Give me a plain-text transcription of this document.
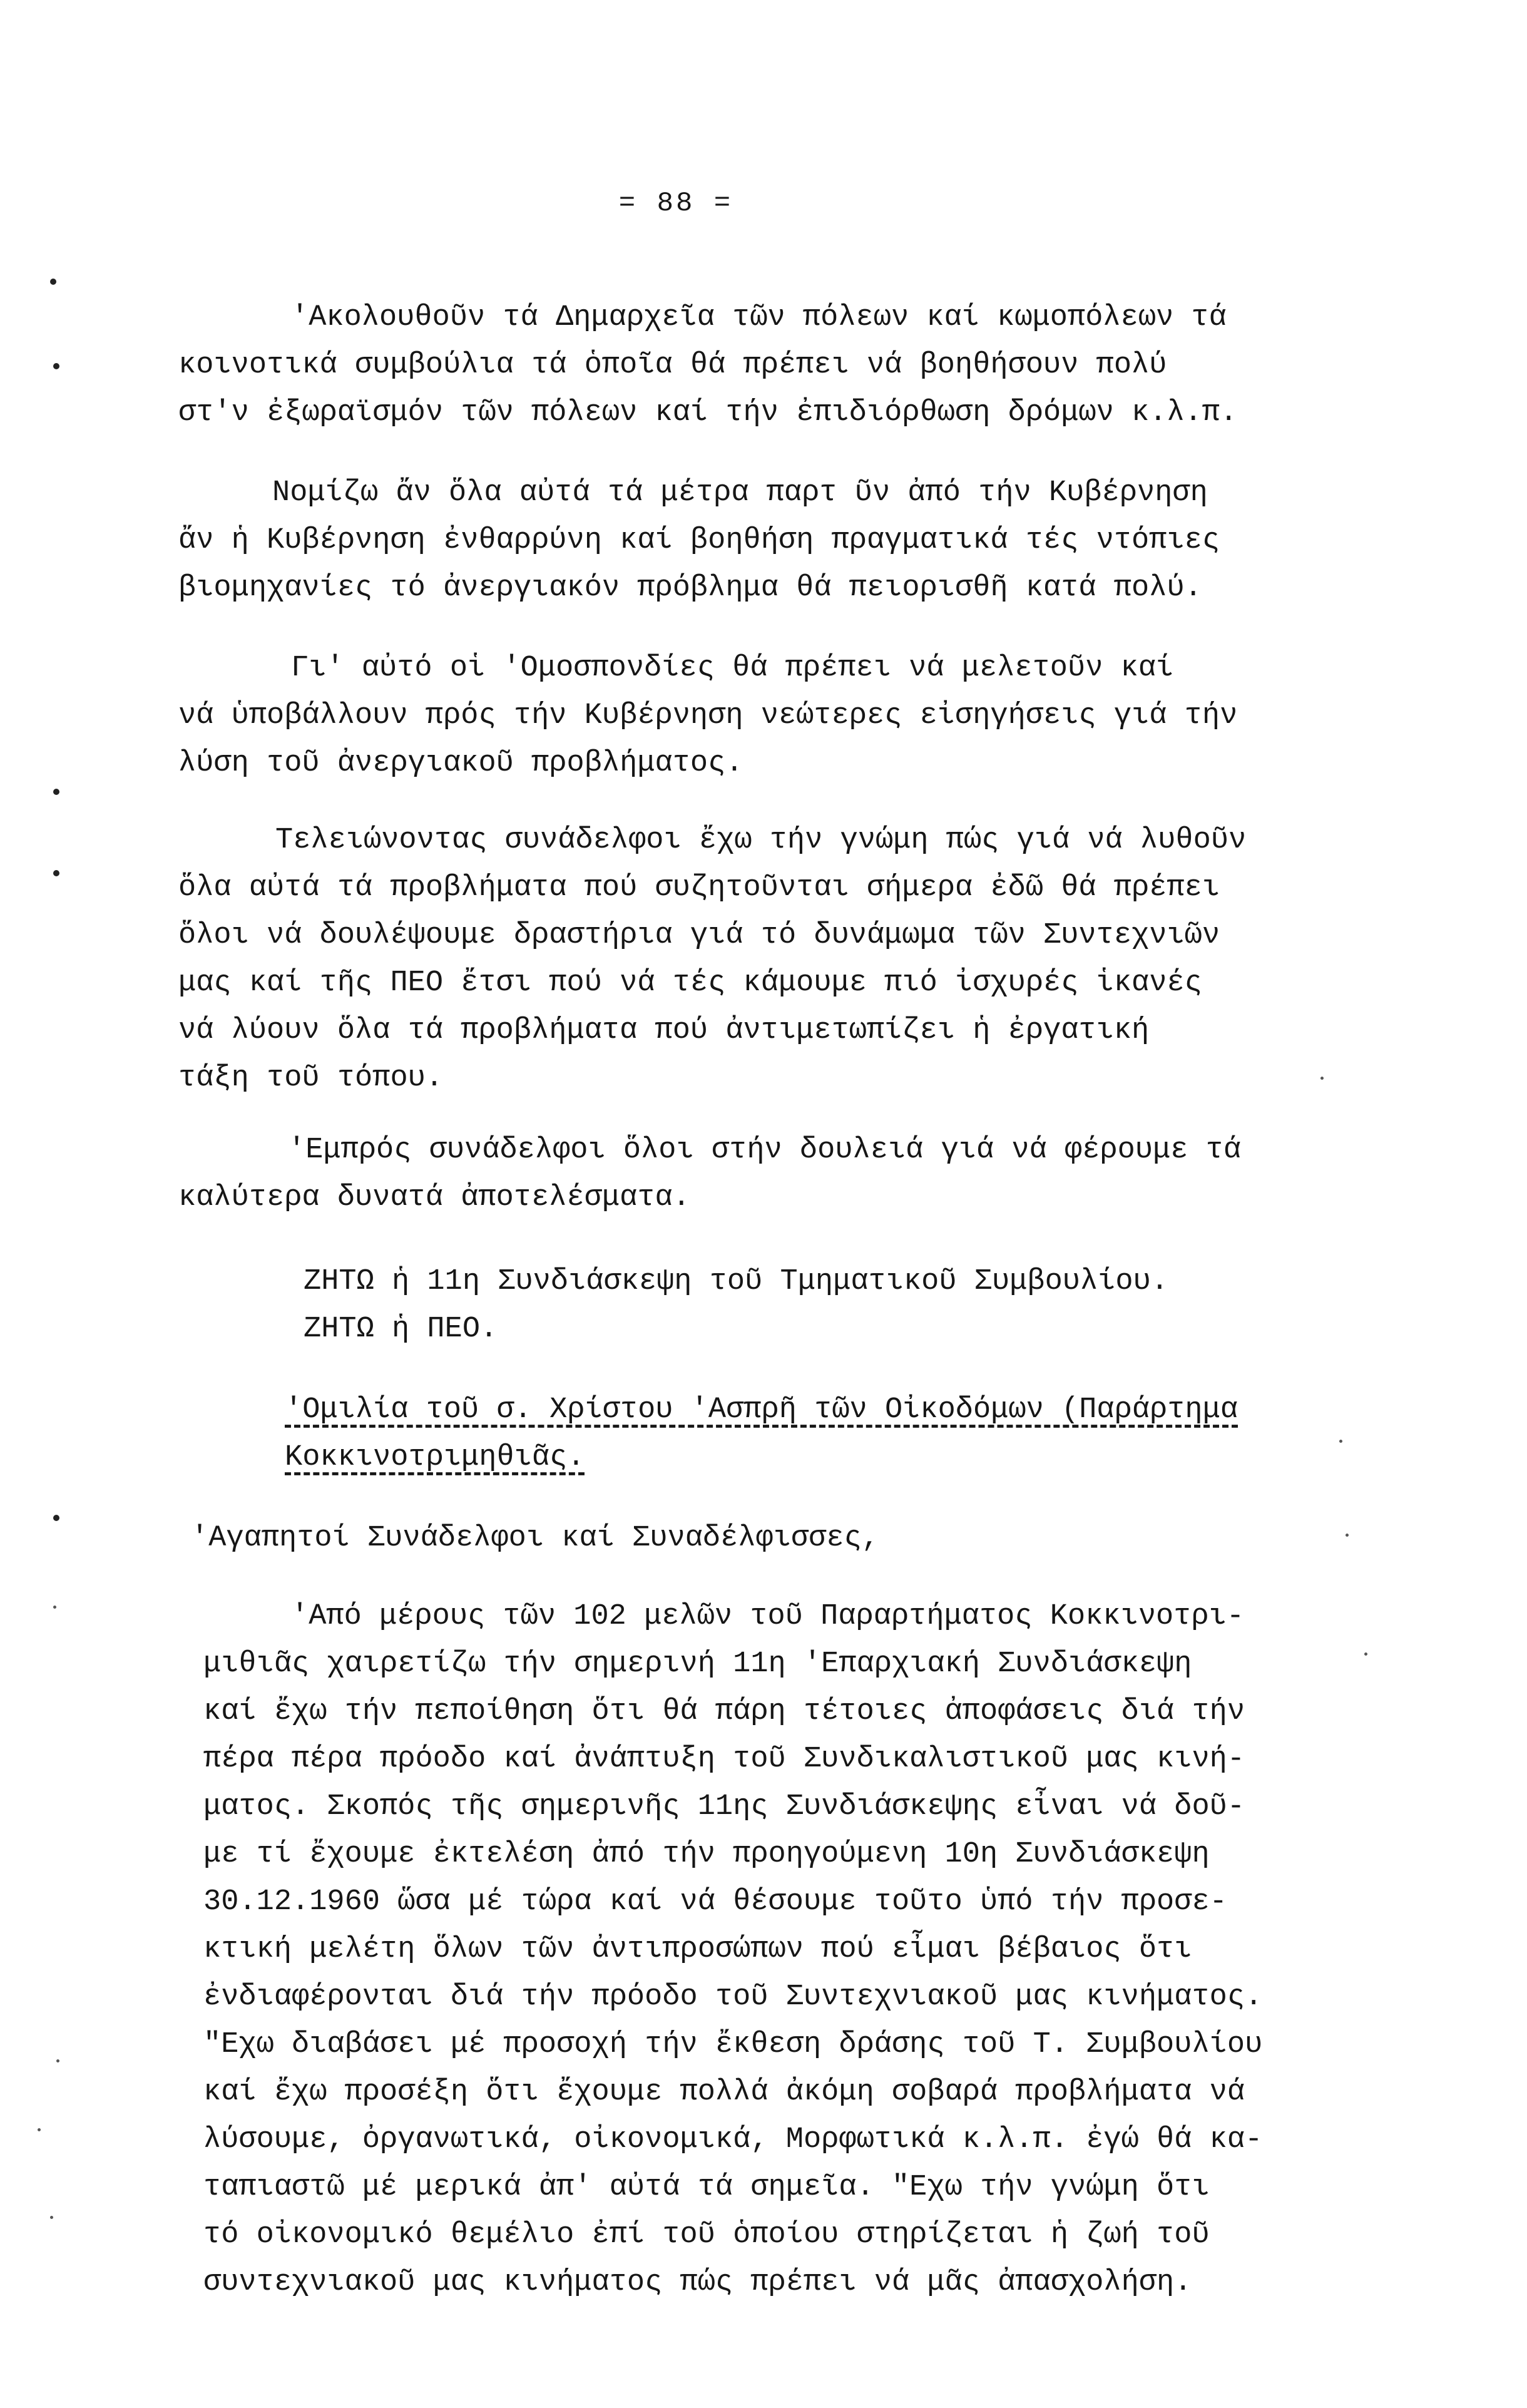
= 88 =
'Ακολουθοῦν τά Δημαρχεῖα τῶν πόλεων καί κωμοπόλεων τά
κοινοτικά συμβούλια τά ὁποῖα θά πρέπει νά βοηθήσουν πολύ
στ'ν ἐξωραϊσμόν τῶν πόλεων καί τήν ἐπιδιόρθωση δρόμων κ.λ.π.
Νομίζω ἄν ὅλα αὐτά τά μέτρα παρτ ῦν ἀπό τήν Κυβέρνηση
ἄν ἡ Κυβέρνηση ἐνθαρρύνη καί βοηθήση πραγματικά τές ντόπιες
βιομηχανίες τό ἀνεργιακόν πρόβλημα θά πειορισθῆ κατά πολύ.
Γι' αὐτό οἱ 'Ομοσπονδίες θά πρέπει νά μελετοῦν καί
νά ὑποβάλλουν πρός τήν Κυβέρνηση νεώτερες εἰσηγήσεις γιά τήν
λύση τοῦ ἀνεργιακοῦ προβλήματος.
Τελειώνοντας συνάδελφοι ἔχω τήν γνώμη πώς γιά νά λυθοῦν
ὅλα αὐτά τά προβλήματα πού συζητοῦνται σήμερα ἐδῶ θά πρέπει
ὅλοι νά δουλέψουμε δραστήρια γιά τό δυνάμωμα τῶν Συντεχνιῶν
μας καί τῆς ΠΕΟ ἔτσι πού νά τές κάμουμε πιό ἰσχυρές ἱκανές
νά λύουν ὅλα τά προβλήματα πού ἀντιμετωπίζει ἡ ἐργατική
τάξη τοῦ τόπου.
'Εμπρός συνάδελφοι ὅλοι στήν δουλειά γιά νά φέρουμε τά
καλύτερα δυνατά ἀποτελέσματα.
ΖΗΤΩ ἡ 11η Συνδιάσκεψη τοῦ Τμηματικοῦ Συμβουλίου.
ΖΗΤΩ ἡ ΠΕΟ.
'Ομιλία τοῦ σ. Χρίστου 'Ασπρῆ τῶν Οἰκοδόμων (Παράρτημα
Κοκκινοτριμηθιᾶς.
'Αγαπητοί Συνάδελφοι καί Συναδέλφισσες,
'Από μέρους τῶν 102 μελῶν τοῦ Παραρτήματος Κοκκινοτρι-
μιθιᾶς χαιρετίζω τήν σημερινή 11η 'Επαρχιακή Συνδιάσκεψη
καί ἔχω τήν πεποίθηση ὅτι θά πάρη τέτοιες ἀποφάσεις διά τήν
πέρα πέρα πρόοδο καί ἀνάπτυξη τοῦ Συνδικαλιστικοῦ μας κινή-
ματος. Σκοπός τῆς σημερινῆς 11ης Συνδιάσκεψης εἶναι νά δοῦ-
με τί ἔχουμε ἐκτελέση ἀπό τήν προηγούμενη 10η Συνδιάσκεψη
30.12.1960 ὥσα μέ τώρα καί νά θέσουμε τοῦτο ὑπό τήν προσε-
κτική μελέτη ὅλων τῶν ἀντιπροσώπων πού εἶμαι βέβαιος ὅτι
ἐνδιαφέρονται διά τήν πρόοδο τοῦ Συντεχνιακοῦ μας κινήματος.
"Εχω διαβάσει μέ προσοχή τήν ἔκθεση δράσης τοῦ Τ. Συμβουλίου
καί ἔχω προσέξη ὅτι ἔχουμε πολλά ἀκόμη σοβαρά προβλήματα νά
λύσουμε, ὀργανωτικά, οἰκονομικά, Μορφωτικά κ.λ.π. ἐγώ θά κα-
ταπιαστῶ μέ μερικά ἀπ' αὐτά τά σημεῖα. "Εχω τήν γνώμη ὅτι
τό οἰκονομικό θεμέλιο ἐπί τοῦ ὁποίου στηρίζεται ἡ ζωή τοῦ
συντεχνιακοῦ μας κινήματος πώς πρέπει νά μᾶς ἀπασχολήση.
